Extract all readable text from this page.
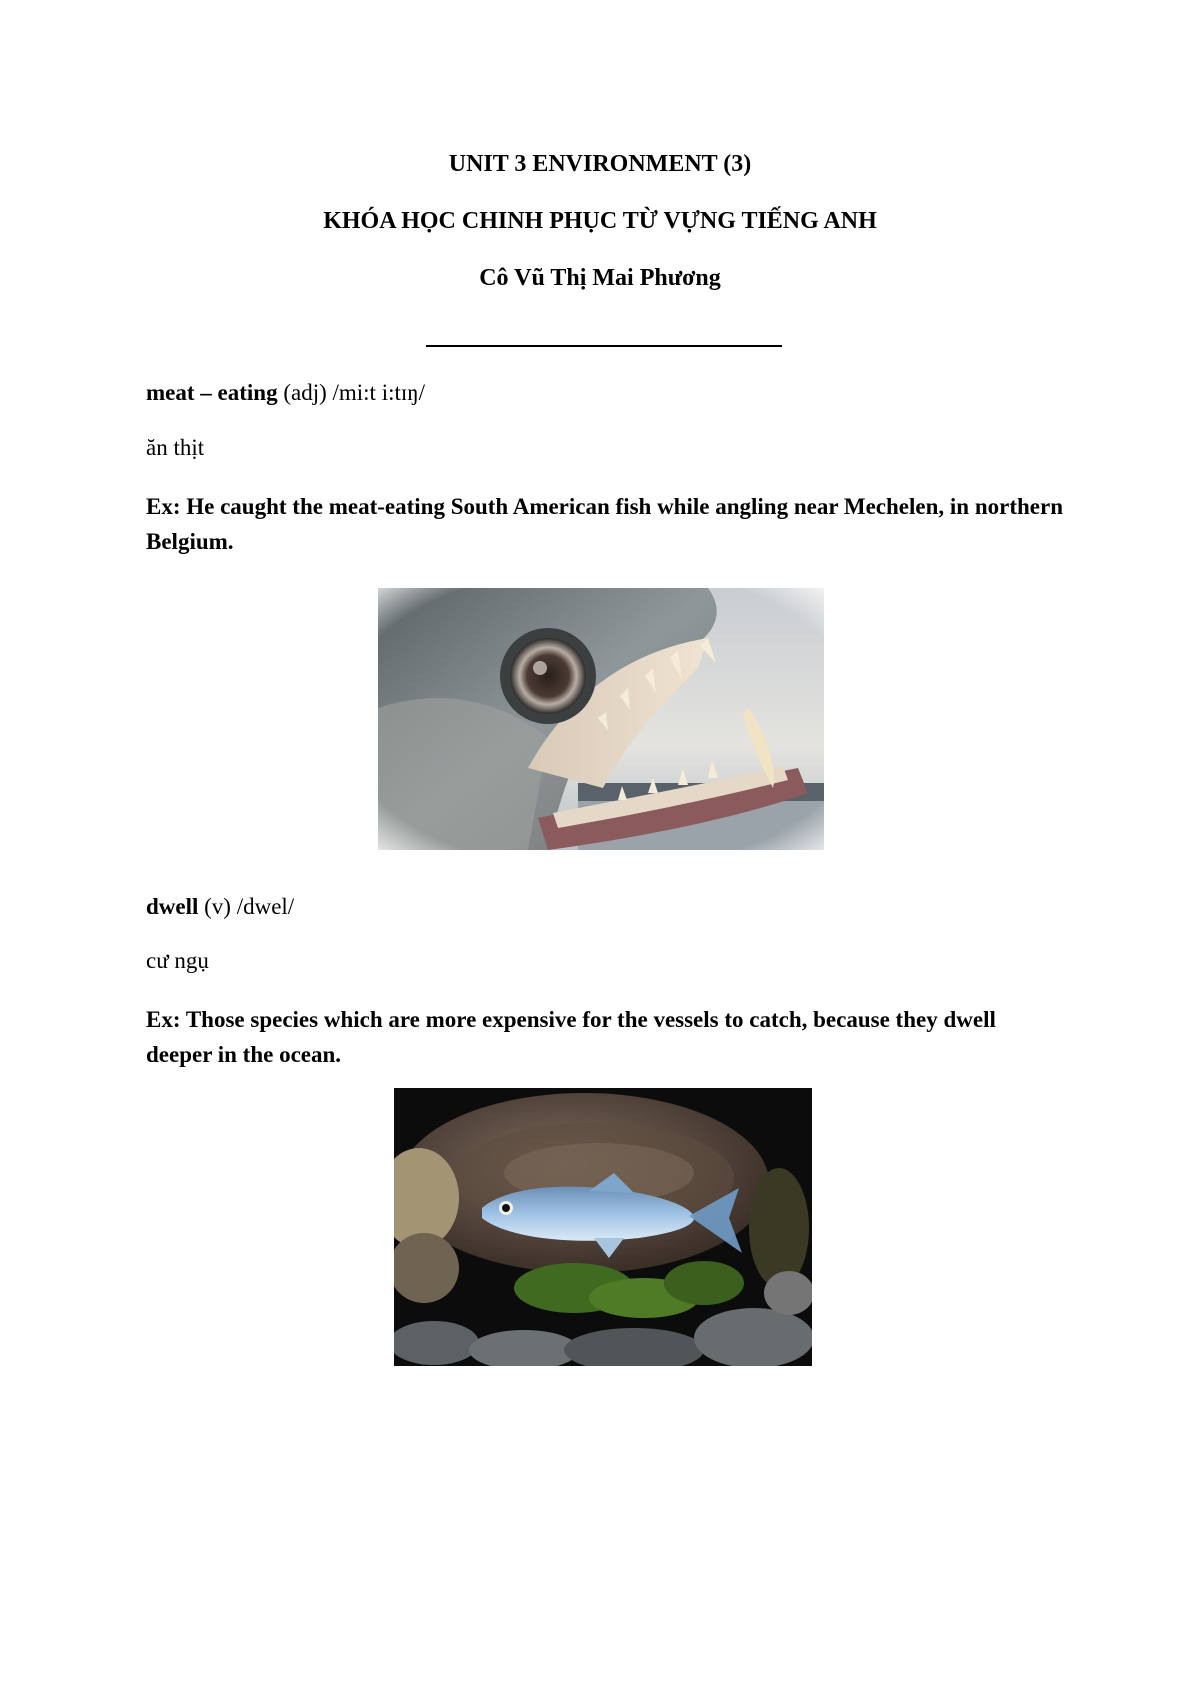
UNIT 3 ENVIRONMENT (3)
KHÓA HỌC CHINH PHỤC TỪ VỰNG TIẾNG ANH
Cô Vũ Thị Mai Phương
meat – eating (adj) /mi:t i:tɪŋ/
ăn thịt
Ex: He caught the meat-eating South American fish while angling near Mechelen, in northern Belgium.
dwell (v) /dwel/
cư ngụ
Ex: Those species which are more expensive for the vessels to catch, because they dwell deeper in the ocean.
